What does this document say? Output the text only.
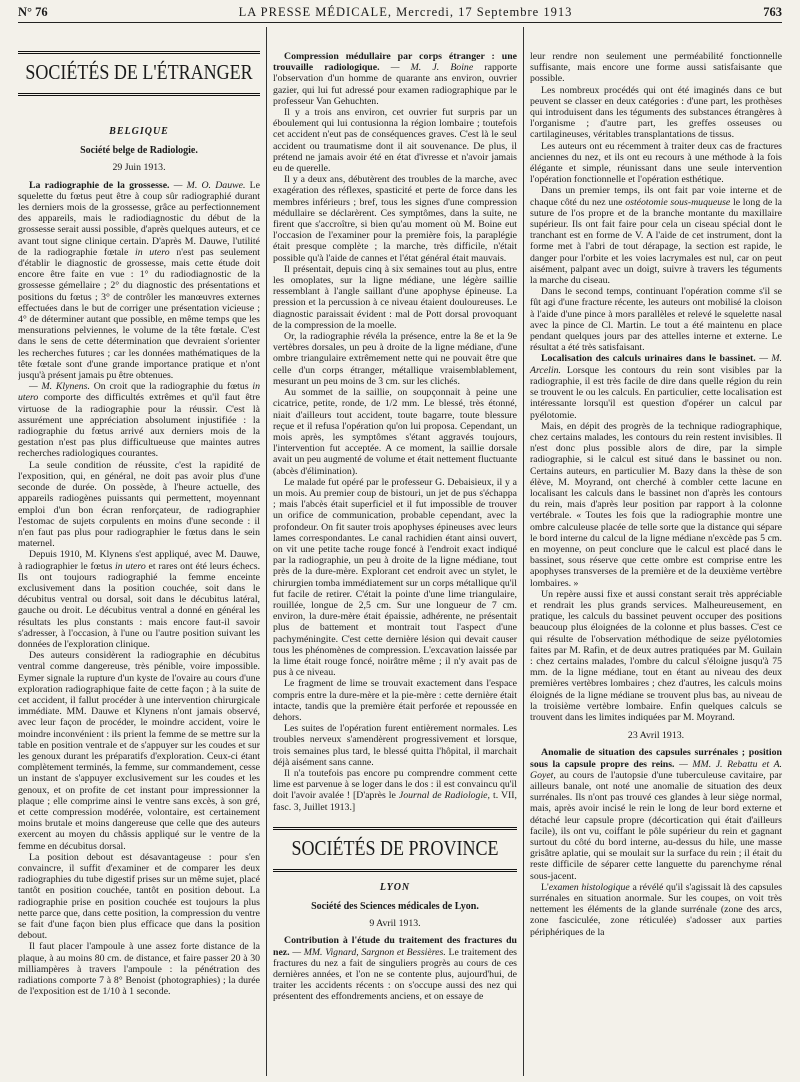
N° 76	LA PRESSE MÉDICALE, Mercredi, 17 Septembre 1913	763
SOCIÉTÉS DE L'ÉTRANGER
BELGIQUE
Société belge de Radiologie.
29 Juin 1913.

La radiographie de la grossesse. — M. O. Dauwe. Le squelette du fœtus peut être à coup sûr radiographié durant les derniers mois de la grossesse, grâce au perfectionnement des appareils, mais le radiodiagnostic du début de la grossesse serait aussi possible, d'après quelques auteurs, et ce avant tout signe clinique certain. D'après M. Dauwe, l'utilité de la radiographie fœtale in utero n'est pas seulement d'établir le diagnostic de grossesse, mais cette étude doit encore être faite en vue : 1° du radiodiagnostic de la grossesse gémellaire ; 2° du diagnostic des présentations et positions du fœtus ; 3° de contrôler les manœuvres externes effectuées dans le but de corriger une présentation vicieuse ; 4° de déterminer autant que possible, en même temps que les mensurations pelviennes, le volume de la tête fœtale. C'est dans le sens de cette détermination que devraient s'orienter les recherches futures ; car les données mathématiques de la tête fœtale sont d'une grande importance pratique et n'ont jusqu'à présent jamais pu être obtenues.

— M. Klynens. On croit que la radiographie du fœtus in utero comporte des difficultés extrêmes et qu'il faut être virtuose de la radiographie pour la réussir. C'est là assurément une appréciation absolument injustifiée : la radiographie du fœtus arrivé aux derniers mois de la gestation n'est pas plus difficultueuse que maintes autres recherches radiologiques courantes.

La seule condition de réussite, c'est la rapidité de l'exposition, qui, en général, ne doit pas avoir plus d'une seconde de durée. On possède, à l'heure actuelle, des appareils radiogènes puissants qui permettent, moyennant emploi d'un bon écran renforçateur, de radiographier l'estomac de sujets corpulents en moins d'une seconde : il n'en faut pas plus pour radiographier le fœtus dans le sein maternel.

Depuis 1910, M. Klynens s'est appliqué, avec M. Dauwe, à radiographier le fœtus in utero et rares ont été leurs échecs. Ils ont toujours radiographié la femme enceinte exclusivement dans la position couchée, soit dans le décubitus ventral ou dorsal, soit dans le décubitus latéral, gauche ou droit. Le décubitus ventral a donné en général les résultats les plus constants : mais encore faut-il savoir s'adresser, à l'occasion, à l'une ou l'autre position suivant les données de l'exploration clinique.

Des auteurs considèrent la radiographie en décubitus ventral comme dangereuse, très pénible, voire impossible. Eymer signale la rupture d'un kyste de l'ovaire au cours d'une exploration radiographique faite de cette façon ; à la suite de cet accident, il fallut procéder à une intervention chirurgicale immédiate. MM. Dauwe et Klynens n'ont jamais observé, avec leur façon de procéder, le moindre accident, voire le moindre inconvénient : ils prient la femme de se mettre sur la table en position ventrale et de s'appuyer sur les coudes et sur les genoux durant les préparatifs d'exploration. Ceux-ci étant complètement terminés, la femme, sur commandement, cesse un instant de s'appuyer exclusivement sur les coudes et les genoux, et on profite de cet instant pour impressionner la plaque ; elle comprime ainsi le ventre sans excès, à son gré, et cette compression modérée, volontaire, est certainement moins brutale et moins dangereuse que celle que des auteurs exercent au moyen du châssis appliqué sur le ventre de la femme en décubitus dorsal.

La position debout est désavantageuse : pour s'en convaincre, il suffit d'examiner et de comparer les deux radiographies du tube digestif prises sur un même sujet, placé tantôt en position couchée, tantôt en position debout. La radiographie prise en position couchée est toujours la plus nette parce que, dans cette position, la compression du ventre se fait d'une façon bien plus efficace que dans la position debout.

Il faut placer l'ampoule à une assez forte distance de la plaque, à au moins 80 cm. de distance, et faire passer 20 à 30 milliampères à travers l'ampoule : la pénétration des radiations comporte 7 à 8° Benoist (photographies) ; la durée de l'exposition est de 1/10 à 1 seconde.

Compression médullaire par corps étranger : une trouvaille radiologique. — M. J. Boine rapporte l'observation d'un homme de quarante ans environ, ouvrier gazier, qui lui fut adressé pour examen radiographique par le professeur Van Gehuchten.

Il y a trois ans environ, cet ouvrier fut surpris par un éboulement qui lui contusionna la région lombaire ; toutefois cet accident n'eut pas de conséquences graves. C'est là le seul accident ou traumatisme dont il ait souvenance. De plus, il prétend ne jamais avoir été en état d'ivresse et n'avoir jamais eu de querelle.

Il y a deux ans, débutèrent des troubles de la marche, avec exagération des réflexes, spasticité et perte de force dans les membres inférieurs ; bref, tous les signes d'une compression médullaire se déclarèrent. Ces symptômes, dans la suite, ne firent que s'accroître, si bien qu'au moment où M. Boine eut l'occasion de l'examiner pour la première fois, la paraplégie était presque complète ; la marche, très difficile, n'était possible qu'à l'aide de cannes et l'état général était mauvais.

Il présentait, depuis cinq à six semaines tout au plus, entre les omoplates, sur la ligne médiane, une légère saillie ressemblant à l'angle saillant d'une apophyse épineuse. La pression et la percussion à ce niveau étaient douloureuses. Le diagnostic paraissait évident : mal de Pott dorsal provoquant de la compression de la moelle.

Or, la radiographie révéla la présence, entre la 8e et la 9e vertèbres dorsales, un peu à droite de la ligne médiane, d'une ombre triangulaire extrêmement nette qui ne pouvait être que celle d'un corps étranger, métallique vraisemblablement, mesurant un peu moins de 3 cm. sur les clichés.

Au sommet de la saillie, on soupçonnait à peine une cicatrice, petite, ronde, de 1/2 mm. Le blessé, très étonné, niait d'ailleurs tout accident, toute bagarre, toute blessure reçue et il refusa l'opération qu'on lui proposa. Cependant, un mois après, les symptômes s'étant aggravés toujours, l'intervention fut acceptée. A ce moment, la saillie dorsale avait un peu augmenté de volume et était nettement fluctuante (abcès d'élimination).

Le malade fut opéré par le professeur G. Debaisieux, il y a un mois. Au premier coup de bistouri, un jet de pus s'échappa ; mais l'abcès était superficiel et il fut impossible de trouver un orifice de communication, probable cependant, avec la profondeur. On fit sauter trois apophyses épineuses avec leurs lames correspondantes. Le canal rachidien étant ainsi ouvert, on vit une petite tache rouge foncé à l'endroit exact indiqué par la radiographie, un peu à droite de la ligne médiane, tout près de la dure-mère. Explorant cet endroit avec un stylet, le chirurgien tomba immédiatement sur un corps métallique qu'il fut facile de retirer. C'était la pointe d'une lime triangulaire, rouillée, longue de 2,5 cm. Sur une longueur de 7 cm. environ, la dure-mère était épaissie, adhérente, ne présentait plus de battement et montrait tout l'aspect d'une pachyméningite. C'est cette dernière lésion qui devait causer tous les phénomènes de compression. L'excavation laissée par la lime était rouge foncé, noirâtre même ; il n'y avait pas de pus à ce niveau.

Le fragment de lime se trouvait exactement dans l'espace compris entre la dure-mère et la pie-mère : cette dernière était intacte, tandis que la première était perforée et repoussée en dehors.

Les suites de l'opération furent entièrement normales. Les troubles nerveux s'amendèrent progressivement et lorsque, trois semaines plus tard, le blessé quitta l'hôpital, il marchait déjà aisément sans canne.

Il n'a toutefois pas encore pu comprendre comment cette lime est parvenue à se loger dans le dos : il est convaincu qu'il doit l'avoir avalée ! [D'après le Journal de Radiologie, t. VII, fasc. 3, Juillet 1913.]

SOCIÉTÉS DE PROVINCE
LYON
Société des Sciences médicales de Lyon.
9 Avril 1913.

Contribution à l'étude du traitement des fractures du nez. — MM. Vignard, Sargnon et Bessières. Le traitement des fractures du nez a fait de singuliers progrès au cours de ces dernières années, et l'on ne se contente plus, aujourd'hui, de traiter les accidents récents : on s'occupe aussi des nez qui présentent des effondrements anciens, et on essaye de

leur rendre non seulement une perméabilité fonctionnelle suffisante, mais encore une forme aussi satisfaisante que possible.

Les nombreux procédés qui ont été imaginés dans ce but peuvent se classer en deux catégories : d'une part, les prothèses qui introduisent dans les téguments des substances étrangères à l'organisme ; d'autre part, les greffes osseuses ou cartilagineuses, véritables transplantations de tissus.

Les auteurs ont eu récemment à traiter deux cas de fractures anciennes du nez, et ils ont eu recours à une méthode à la fois élégante et simple, réunissant dans une seule intervention l'opération fonctionnelle et l'opération esthétique.

Dans un premier temps, ils ont fait par voie interne et de chaque côté du nez une ostéotomie sous-muqueuse le long de la suture de l'os propre et de la branche montante du maxillaire supérieur. Ils ont fait faire pour cela un ciseau spécial dont le tranchant est en forme de V. A l'aide de cet instrument, dont la forme met à l'abri de tout dérapage, la section est rapide, le danger pour l'orbite et les voies lacrymales est nul, car on peut aisément, palpant avec un doigt, suivre à travers les téguments la marche du ciseau.

Dans le second temps, continuant l'opération comme s'il se fût agi d'une fracture récente, les auteurs ont mobilisé la cloison à l'aide d'une pince à mors parallèles et relevé le squelette nasal avec la pince de Cl. Martin. Le tout a été maintenu en place pendant quelques jours par des attelles interne et externe. Le résultat a été très satisfaisant.

Localisation des calculs urinaires dans le bassinet. — M. Arcelin. Lorsque les contours du rein sont visibles par la radiographie, il est très facile de dire dans quelle région du rein se trouvent le ou les calculs. En particulier, cette localisation est intéressante lorsqu'il est question d'opérer un calcul par pyélotomie.

Mais, en dépit des progrès de la technique radiographique, chez certains malades, les contours du rein restent invisibles. Il n'est donc plus possible alors de dire, par la simple radiographie, si le calcul est situé dans le bassinet ou non. Certains auteurs, en particulier M. Bazy dans la thèse de son élève, M. Moyrand, ont cherché à combler cette lacune en localisant les calculs dans le bassinet non d'après les contours du rein, mais d'après leur position par rapport à la colonne vertébrale. « Toutes les fois que la radiographie montre une ombre calculeuse placée de telle sorte que la distance qui sépare le bord interne du calcul de la ligne médiane n'excède pas 5 cm. en moyenne, on peut conclure que le calcul est placé dans le bassinet, sous réserve que cette ombre est comprise entre les apophyses transverses de la première et de la deuxième vertèbre lombaires. »

Un repère aussi fixe et aussi constant serait très appréciable et rendrait les plus grands services. Malheureusement, en pratique, les calculs du bassinet peuvent occuper des positions beaucoup plus éloignées de la colonne et plus basses. C'est ce qui résulte de l'observation méthodique de seize pyélotomies faites par M. Rafin, et de deux autres pratiquées par M. Guilain : chez certains malades, l'ombre du calcul s'éloigne jusqu'à 75 mm. de la ligne médiane, tout en étant au niveau des deux premières vertèbres lombaires ; chez d'autres, les calculs moins éloignés de la ligne médiane se trouvent plus bas, au niveau de la troisième vertèbre lombaire. Enfin quelques calculs se trouvent dans les limites indiquées par M. Moyrand.

23 Avril 1913.

Anomalie de situation des capsules surrénales ; position sous la capsule propre des reins. — MM. J. Rebattu et A. Goyet, au cours de l'autopsie d'une tuberculeuse cavitaire, par ailleurs banale, ont noté une anomalie de situation des deux surrénales. Ils n'ont pas trouvé ces glandes à leur siège normal, mais, après avoir incisé le rein le long de leur bord externe et détaché leur capsule propre (décortication qui était d'ailleurs facile), ils ont vu, coiffant le pôle supérieur du rein et gagnant surtout du côté du bord interne, au-dessus du hile, une masse grisâtre aplatie, qui se moulait sur la surface du rein ; il était du reste difficile de séparer cette languette du parenchyme rénal sous-jacent.

L'examen histologique a révélé qu'il s'agissait là des capsules surrénales en situation anormale. Sur les coupes, on voit très nettement les éléments de la glande surrénale (zone des arcs, zone fasciculée, zone réticulée) s'adosser aux parties périphériques de la
